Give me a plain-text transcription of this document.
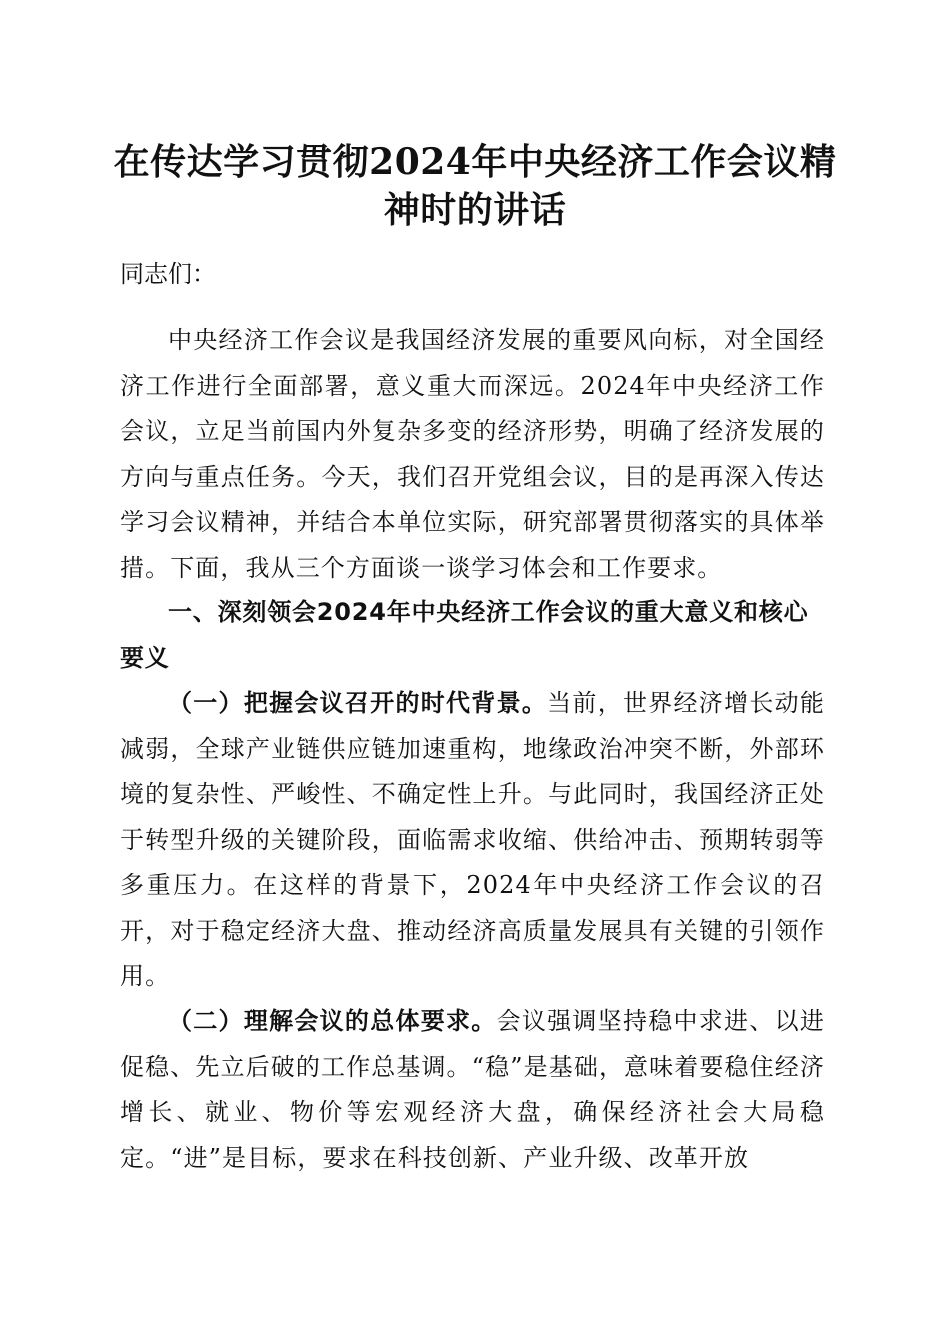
在传达学习贯彻2024年中央经济工作会议精神时的讲话
同志们：

中央经济工作会议是我国经济发展的重要风向标，对全国经济工作进行全面部署，意义重大而深远。2024年中央经济工作会议，立足当前国内外复杂多变的经济形势，明确了经济发展的方向与重点任务。今天，我们召开党组会议，目的是再深入传达学习会议精神，并结合本单位实际，研究部署贯彻落实的具体举措。下面，我从三个方面谈一谈学习体会和工作要求。

一、深刻领会2024年中央经济工作会议的重大意义和核心要义

（一）把握会议召开的时代背景。当前，世界经济增长动能减弱，全球产业链供应链加速重构，地缘政治冲突不断，外部环境的复杂性、严峻性、不确定性上升。与此同时，我国经济正处于转型升级的关键阶段，面临需求收缩、供给冲击、预期转弱等多重压力。在这样的背景下，2024年中央经济工作会议的召开，对于稳定经济大盘、推动经济高质量发展具有关键的引领作用。

（二）理解会议的总体要求。会议强调坚持稳中求进、以进促稳、先立后破的工作总基调。“稳”是基础，意味着要稳住经济增长、就业、物价等宏观经济大盘，确保经济社会大局稳定。“进”是目标，要求在科技创新、产业升级、改革开放
